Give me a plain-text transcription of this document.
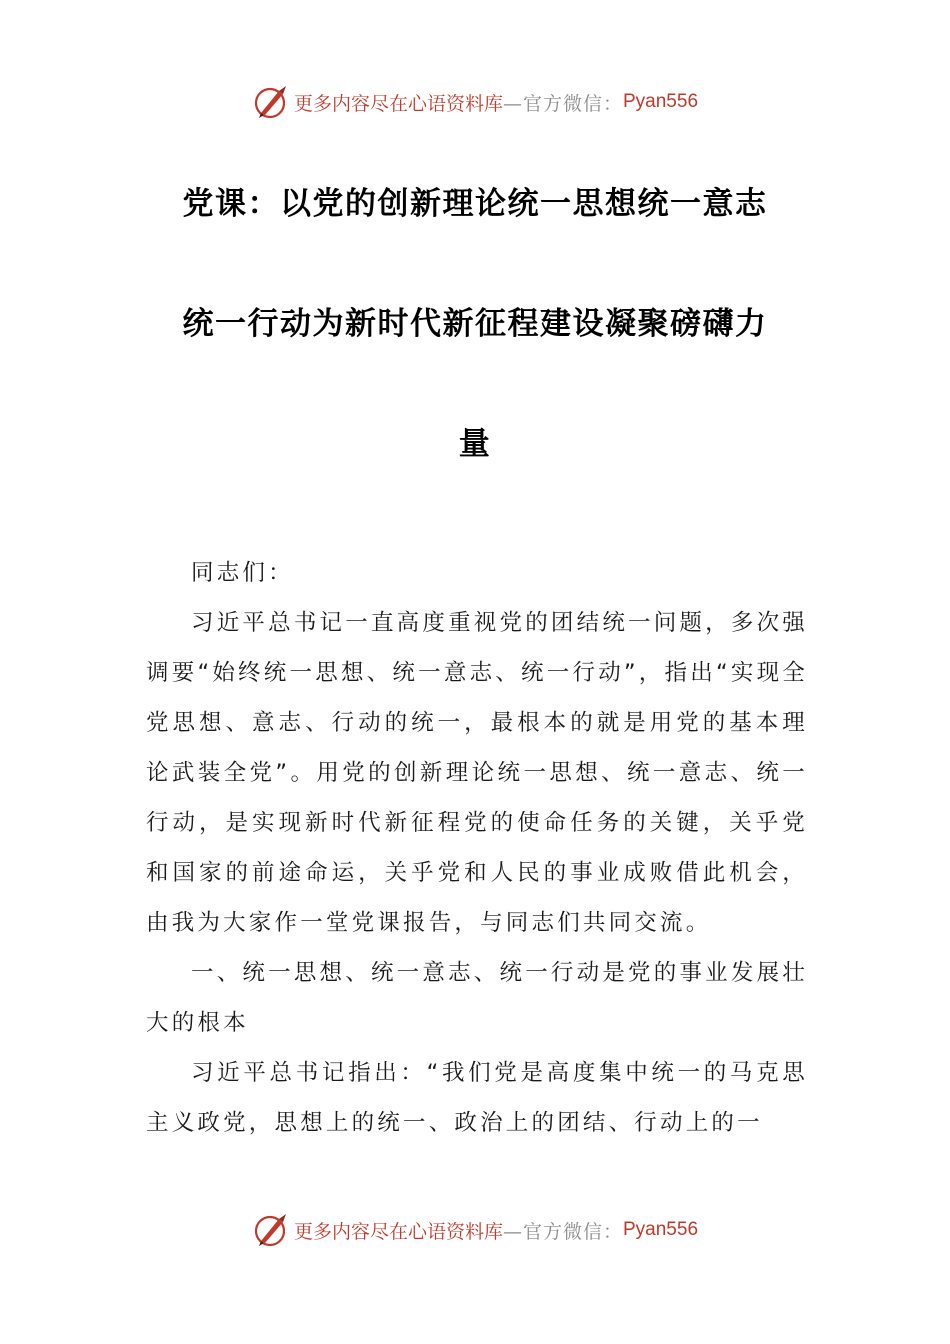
更多内容尽在心语资料库 —官方微信： Pyan556
党课：以党的创新理论统一思想统一意志
统一行动为新时代新征程建设凝聚磅礴力
量

同志们：

习近平总书记一直高度重视党的团结统一问题，多次强调要“始终统一思想、统一意志、统一行动”，指出“实现全党思想、意志、行动的统一，最根本的就是用党的基本理论武装全党”。用党的创新理论统一思想、统一意志、统一行动，是实现新时代新征程党的使命任务的关键，关乎党和国家的前途命运，关乎党和人民的事业成败借此机会，由我为大家作一堂党课报告，与同志们共同交流。

一、统一思想、统一意志、统一行动是党的事业发展壮大的根本

习近平总书记指出：“我们党是高度集中统一的马克思主义政党，思想上的统一、政治上的团结、行动上的一

更多内容尽在心语资料库 —官方微信： Pyan556
